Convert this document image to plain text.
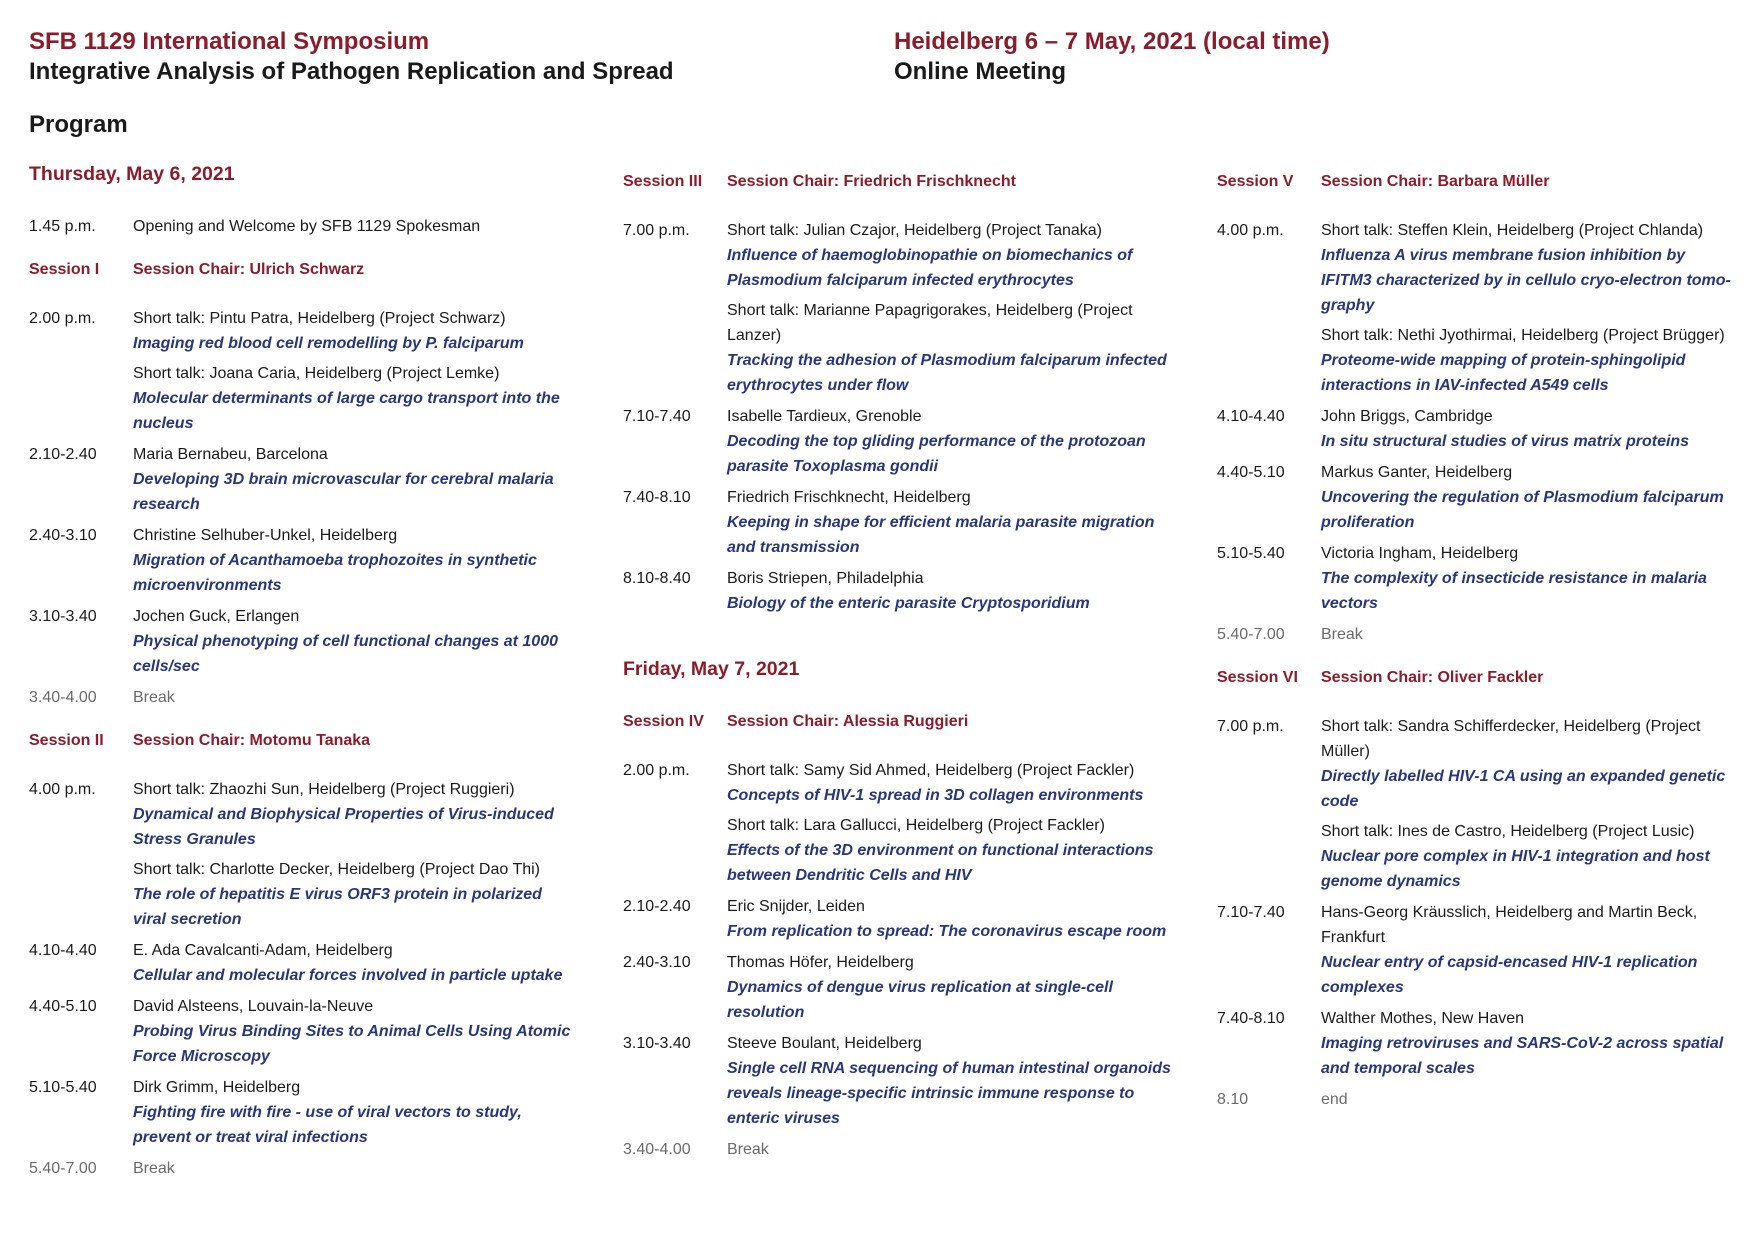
SFB 1129 International Symposium
Integrative Analysis of Pathogen Replication and Spread
Heidelberg 6 – 7 May, 2021 (local time)
Online Meeting
Program
Thursday, May 6, 2021
1.45 p.m.	Opening and Welcome by SFB 1129 Spokesman
Session I	Session Chair: Ulrich Schwarz
2.00 p.m.	Short talk: Pintu Patra, Heidelberg (Project Schwarz)
Imaging red blood cell remodelling by P. falciparum
Short talk: Joana Caria, Heidelberg (Project Lemke)
Molecular determinants of large cargo transport into the nucleus
2.10-2.40	Maria Bernabeu, Barcelona
Developing 3D brain microvascular for cerebral malaria research
2.40-3.10	Christine Selhuber-Unkel, Heidelberg
Migration of Acanthamoeba trophozoites in synthetic microenvironments
3.10-3.40	Jochen Guck, Erlangen
Physical phenotyping of cell functional changes at 1000 cells/sec
3.40-4.00	Break
Session II	Session Chair: Motomu Tanaka
4.00 p.m.	Short talk: Zhaozhi Sun, Heidelberg (Project Ruggieri)
Dynamical and Biophysical Properties of Virus-induced Stress Granules
Short talk: Charlotte Decker, Heidelberg (Project Dao Thi)
The role of hepatitis E virus ORF3 protein in polarized viral secretion
4.10-4.40	E. Ada Cavalcanti-Adam, Heidelberg
Cellular and molecular forces involved in particle uptake
4.40-5.10	David Alsteens, Louvain-la-Neuve
Probing Virus Binding Sites to Animal Cells Using Atomic Force Microscopy
5.10-5.40	Dirk Grimm, Heidelberg
Fighting fire with fire - use of viral vectors to study, prevent or treat viral infections
5.40-7.00	Break
Session III	Session Chair: Friedrich Frischknecht
7.00 p.m.	Short talk: Julian Czajor, Heidelberg (Project Tanaka)
Influence of haemoglobinopathie on biomechanics of Plasmodium falciparum infected erythrocytes
Short talk: Marianne Papagrigorakes, Heidelberg (Project Lanzer)
Tracking the adhesion of Plasmodium falciparum infected erythrocytes under flow
7.10-7.40	Isabelle Tardieux, Grenoble
Decoding the top gliding performance of the protozoan parasite Toxoplasma gondii
7.40-8.10	Friedrich Frischknecht, Heidelberg
Keeping in shape for efficient malaria parasite migration and transmission
8.10-8.40	Boris Striepen, Philadelphia
Biology of the enteric parasite Cryptosporidium
Friday, May 7, 2021
Session IV	Session Chair: Alessia Ruggieri
2.00 p.m.	Short talk: Samy Sid Ahmed, Heidelberg (Project Fackler)
Concepts of HIV-1 spread in 3D collagen environments
Short talk: Lara Gallucci, Heidelberg (Project Fackler)
Effects of the 3D environment on functional interactions between Dendritic Cells and HIV
2.10-2.40	Eric Snijder, Leiden
From replication to spread: The coronavirus escape room
2.40-3.10	Thomas Höfer, Heidelberg
Dynamics of dengue virus replication at single-cell resolution
3.10-3.40	Steeve Boulant, Heidelberg
Single cell RNA sequencing of human intestinal organoids reveals lineage-specific intrinsic immune response to enteric viruses
3.40-4.00	Break
Session V	Session Chair: Barbara Müller
4.00 p.m.	Short talk: Steffen Klein, Heidelberg (Project Chlanda)
Influenza A virus membrane fusion inhibition by IFITM3 characterized by in cellulo cryo-electron tomo-graphy
Short talk: Nethi Jyothirmai, Heidelberg (Project Brügger)
Proteome-wide mapping of protein-sphingolipid interactions in IAV-infected A549 cells
4.10-4.40	John Briggs, Cambridge
In situ structural studies of virus matrix proteins
4.40-5.10	Markus Ganter, Heidelberg
Uncovering the regulation of Plasmodium falciparum proliferation
5.10-5.40	Victoria Ingham, Heidelberg
The complexity of insecticide resistance in malaria vectors
5.40-7.00	Break
Session VI	Session Chair: Oliver Fackler
7.00 p.m.	Short talk: Sandra Schifferdecker, Heidelberg (Project Müller)
Directly labelled HIV-1 CA using an expanded genetic code
Short talk: Ines de Castro, Heidelberg (Project Lusic)
Nuclear pore complex in HIV-1 integration and host genome dynamics
7.10-7.40	Hans-Georg Kräusslich, Heidelberg and Martin Beck, Frankfurt
Nuclear entry of capsid-encased HIV-1 replication complexes
7.40-8.10	Walther Mothes, New Haven
Imaging retroviruses and SARS-CoV-2 across spatial and temporal scales
8.10	end
